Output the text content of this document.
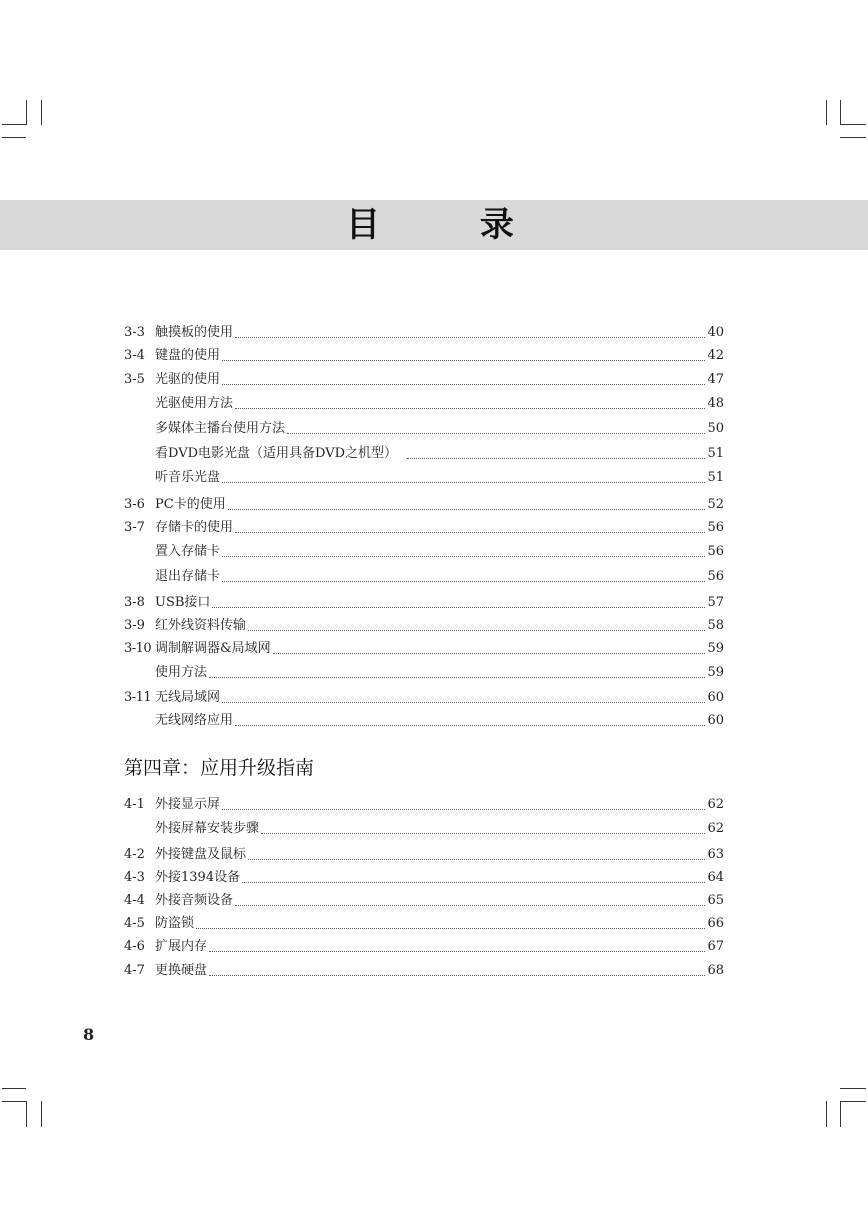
目 录
3-3 触摸板的使用	40
3-4 键盘的使用	42
3-5 光驱的使用	47
光驱使用方法	48
多媒体主播台使用方法	50
看DVD电影光盘（适用具备DVD之机型）	51
听音乐光盘	51
3-6 PC卡的使用	52
3-7 存储卡的使用	56
置入存储卡	56
退出存储卡	56
3-8 USB接口	57
3-9 红外线资料传输	58
3-10 调制解调器&局域网	59
使用方法	59
3-11 无线局域网	60
无线网络应用	60
第四章：应用升级指南
4-1 外接显示屏	62
外接屏幕安装步骤	62
4-2 外接键盘及鼠标	63
4-3 外接1394设备	64
4-4 外接音频设备	65
4-5 防盗锁	66
4-6 扩展内存	67
4-7 更换硬盘	68
8
